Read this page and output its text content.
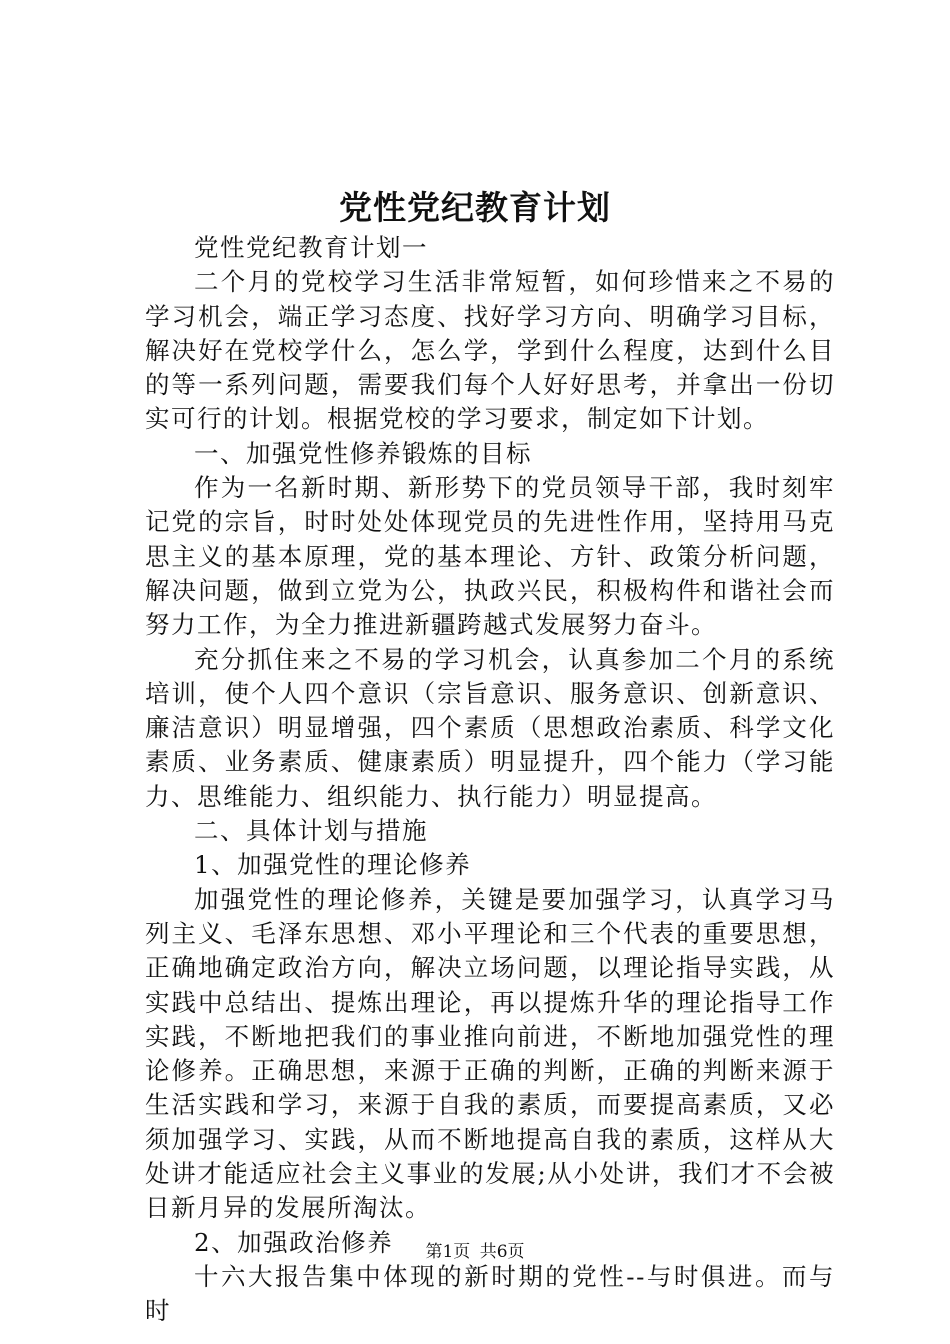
党性党纪教育计划

党性党纪教育计划一

二个月的党校学习生活非常短暂，如何珍惜来之不易的学习机会，端正学习态度、找好学习方向、明确学习目标，解决好在党校学什么，怎么学，学到什么程度，达到什么目的等一系列问题，需要我们每个人好好思考，并拿出一份切实可行的计划。根据党校的学习要求，制定如下计划。

一、加强党性修养锻炼的目标

作为一名新时期、新形势下的党员领导干部，我时刻牢记党的宗旨，时时处处体现党员的先进性作用，坚持用马克思主义的基本原理，党的基本理论、方针、政策分析问题，解决问题，做到立党为公，执政兴民，积极构件和谐社会而努力工作，为全力推进新疆跨越式发展努力奋斗。

充分抓住来之不易的学习机会，认真参加二个月的系统培训，使个人四个意识（宗旨意识、服务意识、创新意识、廉洁意识）明显增强，四个素质（思想政治素质、科学文化素质、业务素质、健康素质）明显提升，四个能力（学习能力、思维能力、组织能力、执行能力）明显提高。

二、具体计划与措施

1、加强党性的理论修养

加强党性的理论修养，关键是要加强学习，认真学习马列主义、毛泽东思想、邓小平理论和三个代表的重要思想，正确地确定政治方向，解决立场问题，以理论指导实践，从实践中总结出、提炼出理论，再以提炼升华的理论指导工作实践，不断地把我们的事业推向前进，不断地加强党性的理论修养。正确思想，来源于正确的判断，正确的判断来源于生活实践和学习，来源于自我的素质，而要提高素质，又必须加强学习、实践，从而不断地提高自我的素质，这样从大处讲才能适应社会主义事业的发展;从小处讲，我们才不会被日新月异的发展所淘汰。

2、加强政治修养

十六大报告集中体现的新时期的党性--与时俱进。而与时

第1页 共6页
